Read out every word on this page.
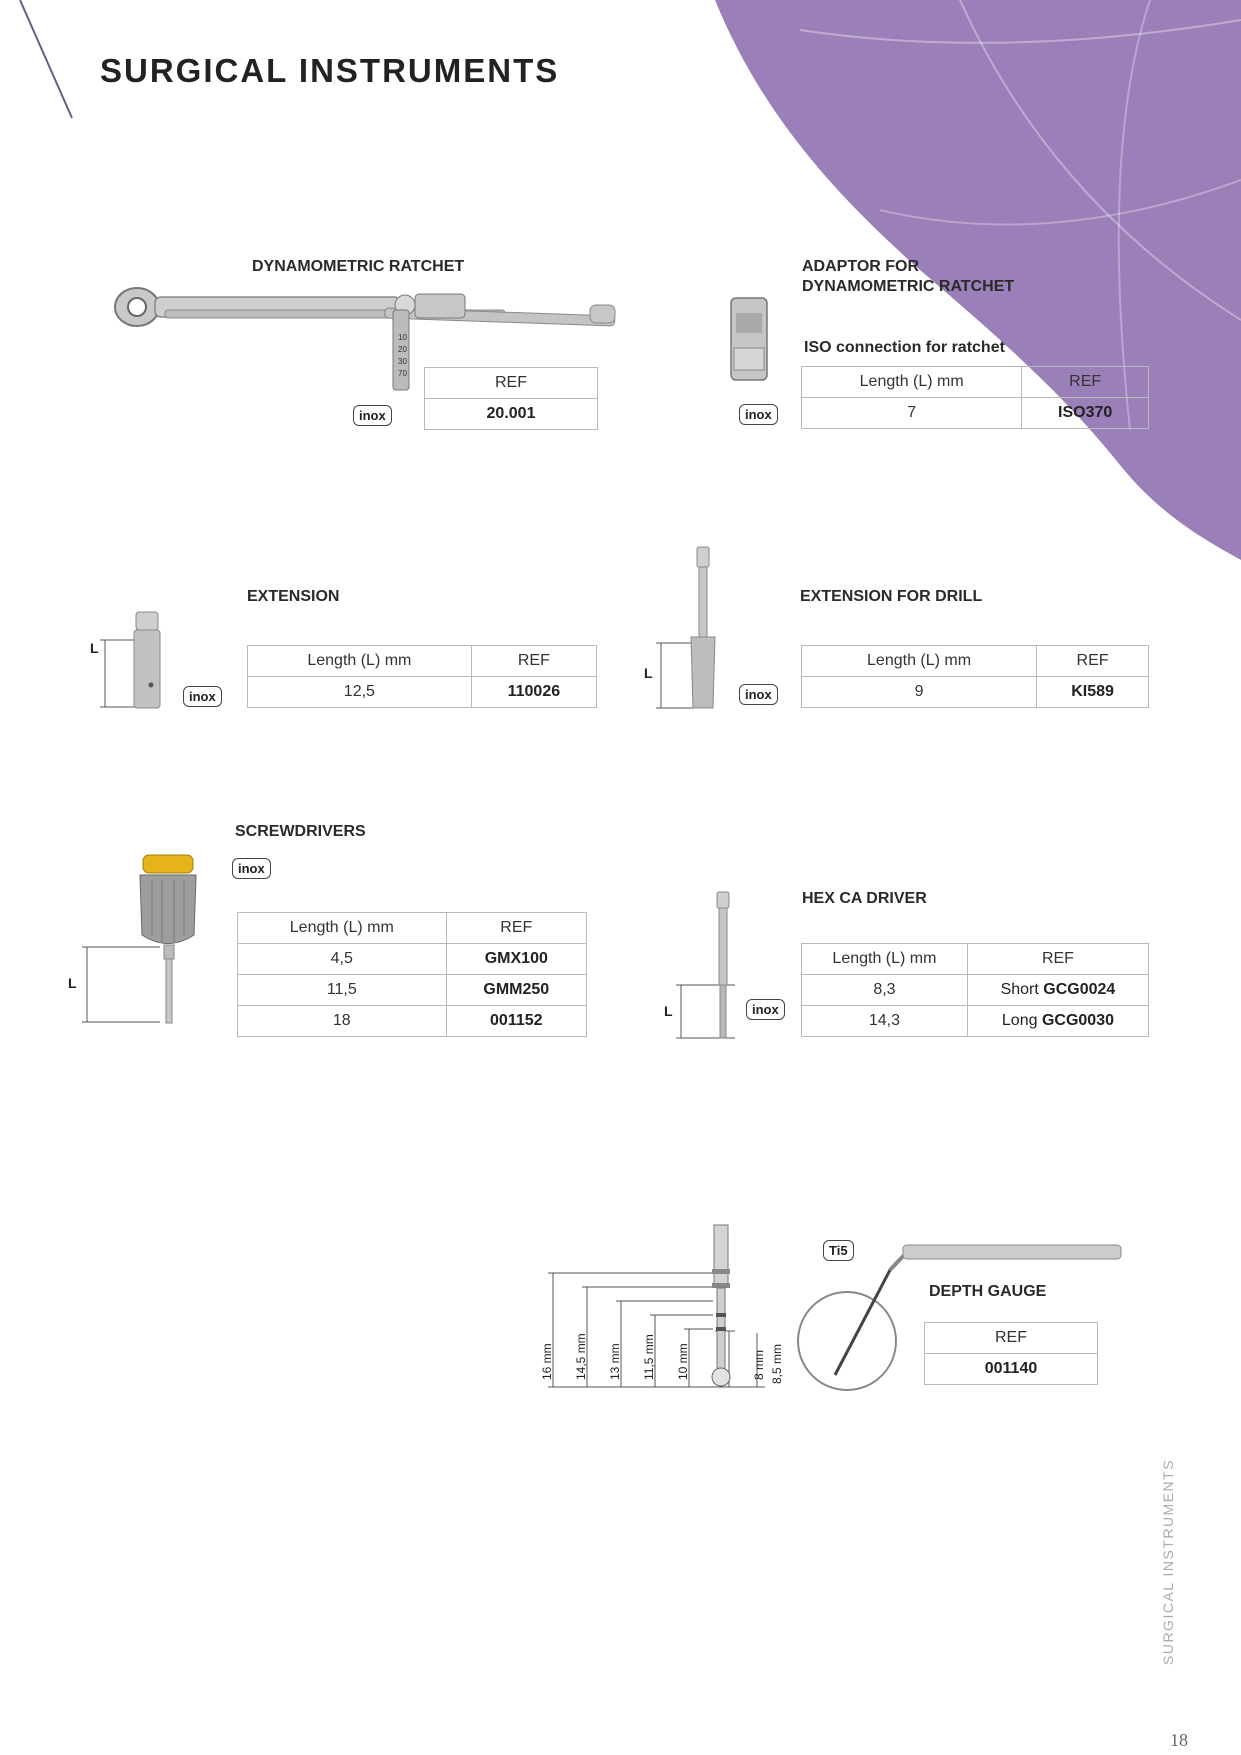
SURGICAL INSTRUMENTS
DYNAMOMETRIC RATCHET
10
20
30
70
inox
REF
20.001
ADAPTOR FOR
DYNAMOMETRIC RATCHET
ISO connection for ratchet
inox
Length (L) mm	REF
7	ISO370
EXTENSION
L
inox
Length (L) mm	REF
12,5	110026
EXTENSION FOR DRILL
L
inox
Length (L) mm	REF
9	KI589
SCREWDRIVERS
inox
L
Length (L) mm	REF
4,5	GMX100
11,5	GMM250
18	001152
HEX CA DRIVER
L	inox
Length (L) mm	REF
8,3	Short GCG0024
14,3	Long GCG0030
16 mm 14,5 mm 13 mm 11,5 mm 10 mm	8 mm 8,5 mm
Ti5
DEPTH GAUGE
REF
001140
SURGICAL INSTRUMENTS
18
